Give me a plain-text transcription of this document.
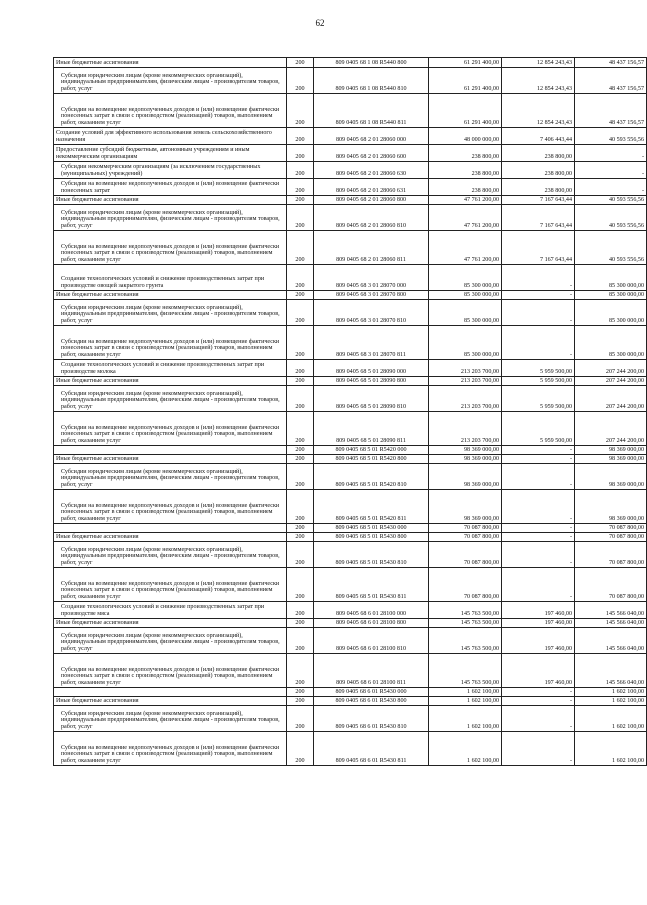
62
Иные бюджетные ассигнования	200	809 0405 68 1 08 R5440 800	61 291 400,00	12 854 243,43	48 437 156,57
Субсидии юридическим лицам (кроме некоммерческих организаций), индивидуальным предпринимателям, физическим лицам - производителям товаров, работ, услуг	200	809 0405 68 1 08 R5440 810	61 291 400,00	12 854 243,43	48 437 156,57
Субсидии на возмещение недополученных доходов и (или) возмещение фактически понесенных затрат в связи с производством (реализацией) товаров, выполнением работ, оказанием услуг	200	809 0405 68 1 08 R5440 811	61 291 400,00	12 854 243,43	48 437 156,57
Создание условий для эффективного использования земель сельскохозяйственного назначения	200	809 0405 68 2 01 28060 000	48 000 000,00	7 406 443,44	40 593 556,56
Предоставление субсидий бюджетным, автономным учреждениям и иным некоммерческим организациям	200	809 0405 68 2 01 28060 600	238 800,00	238 800,00	-
Субсидии некоммерческим организациям (за исключением государственных (муниципальных) учреждений)	200	809 0405 68 2 01 28060 630	238 800,00	238 800,00	-
Субсидии на возмещение недополученных доходов и (или) возмещение фактически понесенных затрат	200	809 0405 68 2 01 28060 631	238 800,00	238 800,00	-
Иные бюджетные ассигнования	200	809 0405 68 2 01 28060 800	47 761 200,00	7 167 643,44	40 593 556,56
Субсидии юридическим лицам (кроме некоммерческих организаций), индивидуальным предпринимателям, физическим лицам - производителям товаров, работ, услуг	200	809 0405 68 2 01 28060 810	47 761 200,00	7 167 643,44	40 593 556,56
Субсидии на возмещение недополученных доходов и (или) возмещение фактически понесенных затрат в связи с производством (реализацией) товаров, выполнением работ, оказанием услуг	200	809 0405 68 2 01 28060 811	47 761 200,00	7 167 643,44	40 593 556,56
Создание технологических условий и снижение производственных затрат при производстве овощей закрытого грунта	200	809 0405 68 3 01 28070 000	85 300 000,00	-	85 300 000,00
Иные бюджетные ассигнования	200	809 0405 68 3 01 28070 800	85 300 000,00	-	85 300 000,00
Субсидии юридическим лицам (кроме некоммерческих организаций), индивидуальным предпринимателям, физическим лицам - производителям товаров, работ, услуг	200	809 0405 68 3 01 28070 810	85 300 000,00	-	85 300 000,00
Субсидии на возмещение недополученных доходов и (или) возмещение фактически понесенных затрат в связи с производством (реализацией) товаров, выполнением работ, оказанием услуг	200	809 0405 68 3 01 28070 811	85 300 000,00	-	85 300 000,00
Создание технологических условий и снижение производственных затрат при производстве молока	200	809 0405 68 5 01 28090 000	213 203 700,00	5 959 500,00	207 244 200,00
Иные бюджетные ассигнования	200	809 0405 68 5 01 28090 800	213 203 700,00	5 959 500,00	207 244 200,00
Субсидии юридическим лицам (кроме некоммерческих организаций), индивидуальным предпринимателям, физическим лицам - производителям товаров, работ, услуг	200	809 0405 68 5 01 28090 810	213 203 700,00	5 959 500,00	207 244 200,00
Субсидии на возмещение недополученных доходов и (или) возмещение фактически понесенных затрат в связи с производством (реализацией) товаров, выполнением работ, оказанием услуг	200	809 0405 68 5 01 28090 811	213 203 700,00	5 959 500,00	207 244 200,00
	200	809 0405 68 5 01 R5420 000	98 369 000,00	-	98 369 000,00
Иные бюджетные ассигнования	200	809 0405 68 5 01 R5420 800	98 369 000,00	-	98 369 000,00
Субсидии юридическим лицам (кроме некоммерческих организаций), индивидуальным предпринимателям, физическим лицам - производителям товаров, работ, услуг	200	809 0405 68 5 01 R5420 810	98 369 000,00	-	98 369 000,00
Субсидии на возмещение недополученных доходов и (или) возмещение фактически понесенных затрат в связи с производством (реализацией) товаров, выполнением работ, оказанием услуг	200	809 0405 68 5 01 R5420 811	98 369 000,00	-	98 369 000,00
	200	809 0405 68 5 01 R5430 000	70 087 800,00	-	70 087 800,00
Иные бюджетные ассигнования	200	809 0405 68 5 01 R5430 800	70 087 800,00	-	70 087 800,00
Субсидии юридическим лицам (кроме некоммерческих организаций), индивидуальным предпринимателям, физическим лицам - производителям товаров, работ, услуг	200	809 0405 68 5 01 R5430 810	70 087 800,00	-	70 087 800,00
Субсидии на возмещение недополученных доходов и (или) возмещение фактически понесенных затрат в связи с производством (реализацией) товаров, выполнением работ, оказанием услуг	200	809 0405 68 5 01 R5430 811	70 087 800,00	-	70 087 800,00
Создание технологических условий и снижение производственных затрат при производстве мяса	200	809 0405 68 6 01 28100 000	145 763 500,00	197 460,00	145 566 040,00
Иные бюджетные ассигнования	200	809 0405 68 6 01 28100 800	145 763 500,00	197 460,00	145 566 040,00
Субсидии юридическим лицам (кроме некоммерческих организаций), индивидуальным предпринимателям, физическим лицам - производителям товаров, работ, услуг	200	809 0405 68 6 01 28100 810	145 763 500,00	197 460,00	145 566 040,00
Субсидии на возмещение недополученных доходов и (или) возмещение фактически понесенных затрат в связи с производством (реализацией) товаров, выполнением работ, оказанием услуг	200	809 0405 68 6 01 28100 811	145 763 500,00	197 460,00	145 566 040,00
	200	809 0405 68 6 01 R5430 000	1 602 100,00	-	1 602 100,00
Иные бюджетные ассигнования	200	809 0405 68 6 01 R5430 800	1 602 100,00	-	1 602 100,00
Субсидии юридическим лицам (кроме некоммерческих организаций), индивидуальным предпринимателям, физическим лицам - производителям товаров, работ, услуг	200	809 0405 68 6 01 R5430 810	1 602 100,00	-	1 602 100,00
Субсидии на возмещение недополученных доходов и (или) возмещение фактически понесенных затрат в связи с производством (реализацией) товаров, выполнением работ, оказанием услуг	200	809 0405 68 6 01 R5430 811	1 602 100,00	-	1 602 100,00
